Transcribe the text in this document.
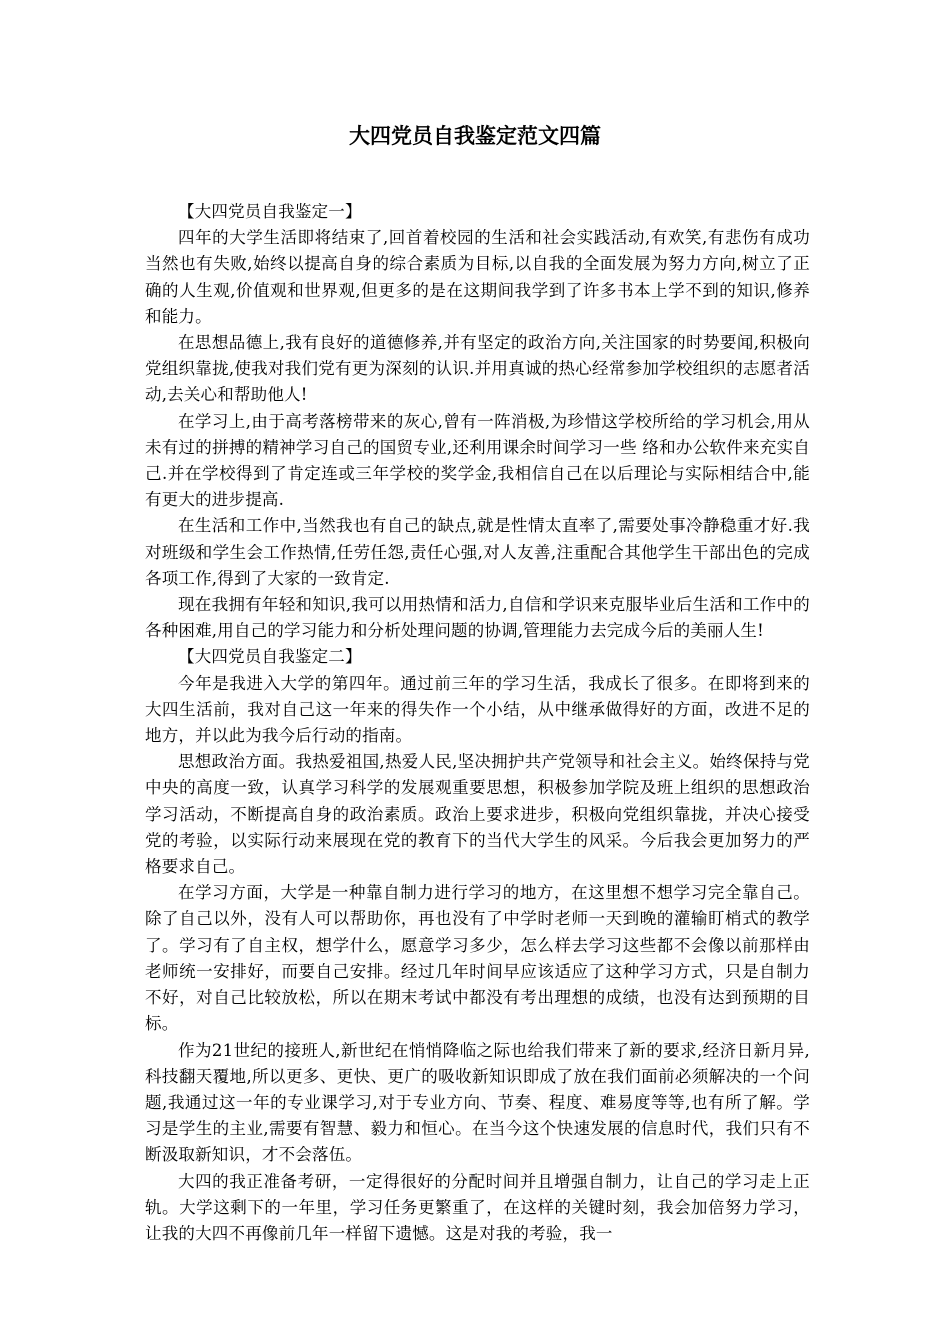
大四党员自我鉴定范文四篇

【大四党员自我鉴定一】

四年的大学生活即将结束了,回首着校园的生活和社会实践活动,有欢笑,有悲伤有成功当然也有失败,始终以提高自身的综合素质为目标,以自我的全面发展为努力方向,树立了正确的人生观,价值观和世界观,但更多的是在这期间我学到了许多书本上学不到的知识,修养和能力。

在思想品德上,我有良好的道德修养,并有坚定的政治方向,关注国家的时势要闻,积极向党组织靠拢,使我对我们党有更为深刻的认识.并用真诚的热心经常参加学校组织的志愿者活动,去关心和帮助他人!

在学习上,由于高考落榜带来的灰心,曾有一阵消极,为珍惜这学校所给的学习机会,用从未有过的拼搏的精神学习自己的国贸专业,还利用课余时间学习一些 络和办公软件来充实自己.并在学校得到了肯定连或三年学校的奖学金,我相信自己在以后理论与实际相结合中,能有更大的进步提高.

在生活和工作中,当然我也有自己的缺点,就是性情太直率了,需要处事冷静稳重才好.我对班级和学生会工作热情,任劳任怨,责任心强,对人友善,注重配合其他学生干部出色的完成各项工作,得到了大家的一致肯定.

现在我拥有年轻和知识,我可以用热情和活力,自信和学识来克服毕业后生活和工作中的各种困难,用自己的学习能力和分析处理问题的协调,管理能力去完成今后的美丽人生!

【大四党员自我鉴定二】

今年是我进入大学的第四年。通过前三年的学习生活，我成长了很多。在即将到来的大四生活前，我对自己这一年来的得失作一个小结，从中继承做得好的方面，改进不足的地方，并以此为我今后行动的指南。

思想政治方面。我热爱祖国,热爱人民,坚决拥护共产党领导和社会主义。始终保持与党中央的高度一致，认真学习科学的发展观重要思想，积极参加学院及班上组织的思想政治学习活动，不断提高自身的政治素质。政治上要求进步，积极向党组织靠拢，并决心接受党的考验，以实际行动来展现在党的教育下的当代大学生的风采。今后我会更加努力的严格要求自己。

在学习方面，大学是一种靠自制力进行学习的地方，在这里想不想学习完全靠自己。除了自己以外，没有人可以帮助你，再也没有了中学时老师一天到晚的灌输盯梢式的教学了。学习有了自主权，想学什么，愿意学习多少，怎么样去学习这些都不会像以前那样由老师统一安排好，而要自己安排。经过几年时间早应该适应了这种学习方式，只是自制力不好，对自己比较放松，所以在期末考试中都没有考出理想的成绩，也没有达到预期的目标。

作为21世纪的接班人,新世纪在悄悄降临之际也给我们带来了新的要求,经济日新月异,科技翻天覆地,所以更多、更快、更广的吸收新知识即成了放在我们面前必须解决的一个问题,我通过这一年的专业课学习,对于专业方向、节奏、程度、难易度等等,也有所了解。学习是学生的主业,需要有智慧、毅力和恒心。在当今这个快速发展的信息时代，我们只有不断汲取新知识，才不会落伍。

大四的我正准备考研，一定得很好的分配时间并且增强自制力，让自己的学习走上正轨。大学这剩下的一年里，学习任务更繁重了，在这样的关键时刻，我会加倍努力学习，让我的大四不再像前几年一样留下遗憾。这是对我的考验，我一
